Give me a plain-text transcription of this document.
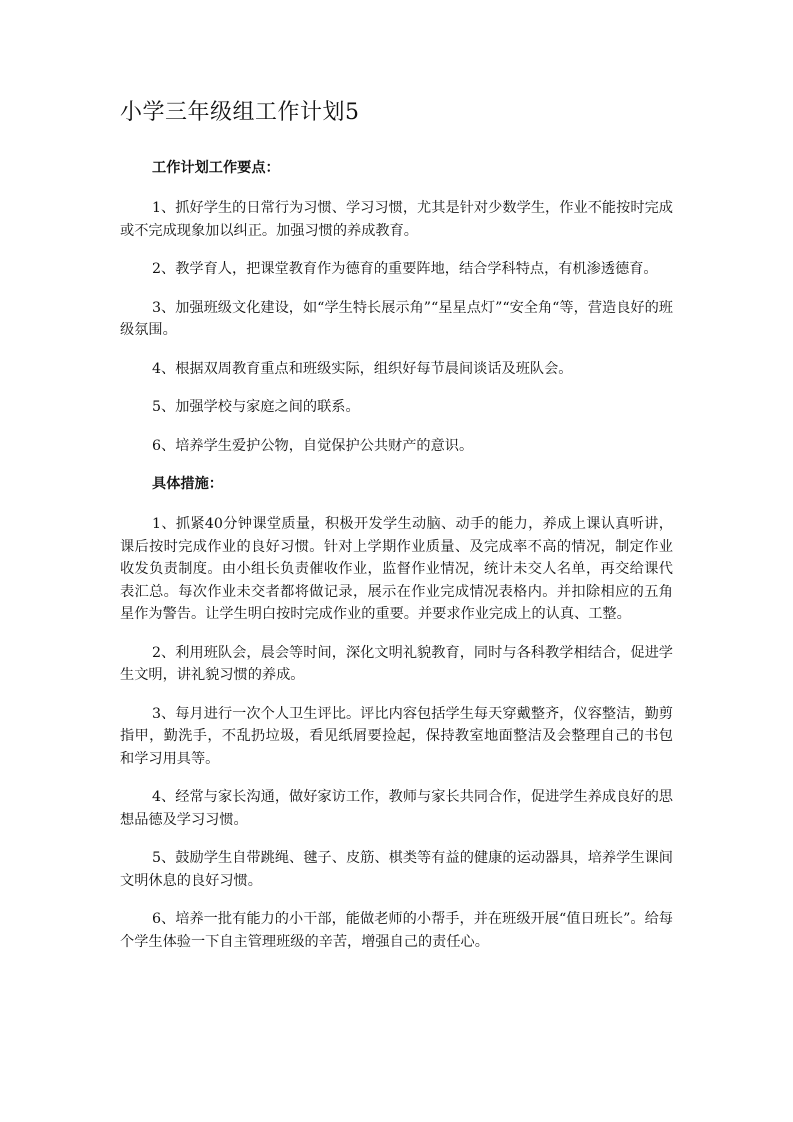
小学三年级组工作计划5

工作计划工作要点：

1、抓好学生的日常行为习惯、学习习惯，尤其是针对少数学生，作业不能按时完成或不完成现象加以纠正。加强习惯的养成教育。

2、教学育人，把课堂教育作为德育的重要阵地，结合学科特点，有机渗透德育。

3、加强班级文化建设，如“学生特长展示角”“星星点灯”“安全角“等，营造良好的班级氛围。

4、根据双周教育重点和班级实际，组织好每节晨间谈话及班队会。

5、加强学校与家庭之间的联系。

6、培养学生爱护公物，自觉保护公共财产的意识。

具体措施：

1、抓紧40分钟课堂质量，积极开发学生动脑、动手的能力，养成上课认真听讲，课后按时完成作业的良好习惯。针对上学期作业质量、及完成率不高的情况，制定作业收发负责制度。由小组长负责催收作业，监督作业情况，统计未交人名单，再交给课代表汇总。每次作业未交者都将做记录，展示在作业完成情况表格内。并扣除相应的五角星作为警告。让学生明白按时完成作业的重要。并要求作业完成上的认真、工整。

2、利用班队会，晨会等时间，深化文明礼貌教育，同时与各科教学相结合，促进学生文明，讲礼貌习惯的养成。

3、每月进行一次个人卫生评比。评比内容包括学生每天穿戴整齐，仪容整洁，勤剪指甲，勤洗手，不乱扔垃圾，看见纸屑要捡起，保持教室地面整洁及会整理自己的书包和学习用具等。

4、经常与家长沟通，做好家访工作，教师与家长共同合作，促进学生养成良好的思想品德及学习习惯。

5、鼓励学生自带跳绳、毽子、皮筋、棋类等有益的健康的运动器具，培养学生课间文明休息的良好习惯。

6、培养一批有能力的小干部，能做老师的小帮手，并在班级开展“值日班长”。给每个学生体验一下自主管理班级的辛苦，增强自己的责任心。
